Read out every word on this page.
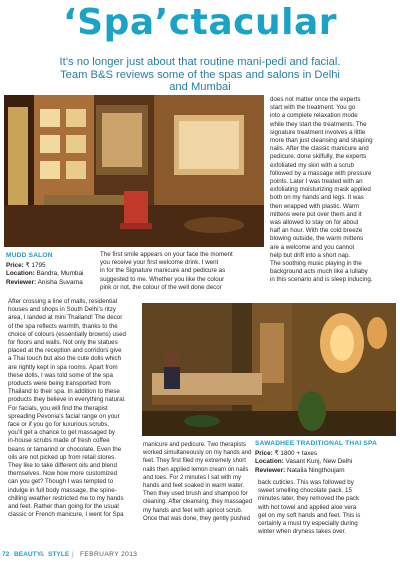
‘Spa’ctacular
It’s no longer just about that routine mani-pedi and facial. Team B&S reviews some of the spas and salons in Delhi and Mumbai
MUDD SALON
Price: ₹ 1795
Location: Bandra, Mumbai
Reviewer: Anisha Suvarna
The first smile appears on your face the moment
you receive your first welcome drink. I went
in for the Signature manicure and pedicure as
suggested to me. Whether you like the colour
pink or not, the colour of the well done decor
does not matter once the experts
start with the treatment. You go
into a complete relaxation mode
while they start the treatments. The
signature treatment involves a little
more than just cleansing and shaping
nails. After the classic manicure and
pedicure, done skilfully, the experts
exfoliated my skin with a scrub
followed by a massage with pressure
points. Later I was treated with an
exfoliating moisturizing mask applied
both on my hands and legs. It was
then wrapped with plastic. Warm
mittens were put over them and it
was allowed to stay on for about
half an hour. With the cold breeze
blowing outside, the warm mittens
are a welcome and you cannot
help but drift into a short nap.
The soothing music playing in the
background acts much like a lullaby
in this scenario and is sleep inducing.
After crossing a line of malls, residential
houses and shops in South Delhi’s ritzy
area, I landed at mini Thailand! The decor
of the spa reflects warmth, thanks to the
choice of colours (essentially browns) used
for floors and walls. Not only the statues
placed at the reception and corridors give
a Thai touch but also the cute dolls which
are rightly kept in spa rooms. Apart from
these dolls, I was told some of the spa
products were being transported from
Thailand to their spa. In addition to these
products they believe in everything natural.
For facials, you will find the therapist
spreading Pevonia’s facial range on your
face or if you go for luxurious scrubs,
you’ll get a chance to get massaged by
in-house scrubs made of fresh coffee
beans or tamarind or chocolate. Even the
oils are not picked up from retail stores.
They like to take different oils and blend
themselves. Now how more customized
can you get? Though I was tempted to
indulge in full body massage, the spine-
chilling weather restricted me to my hands
and feet. Rather than going for the usual
classic or French manicure, I went for Spa
SAWADHEE TRADITIONAL THAI SPA
Price: ₹ 1800 + taxes
Location: Vasant Kunj, New Delhi
Reviewer: Natalia Ningthoujam
manicure and pedicure. Two therapists
worked simultaneously on my hands and
feet. They first filed my extremely short
nails then applied lemon cream on nails
and toes. For 2 minutes I sat with my
hands and feet soaked in warm water.
Then they used brush and shampoo for
cleaning. After cleansing, they massaged
my hands and feet with apricot scrub.
Once that was done, they gently pushed
back cuticles. This was followed by
sweet smelling chocolate pack. 15
minutes later, they removed the pack
with hot towel and applied aloe vera
gel on my soft hands and feet. This is
certainly a must try especially during
winter when dryness takes over.
72 BEAUTY
& STYLE | FEBRUARY 2013
